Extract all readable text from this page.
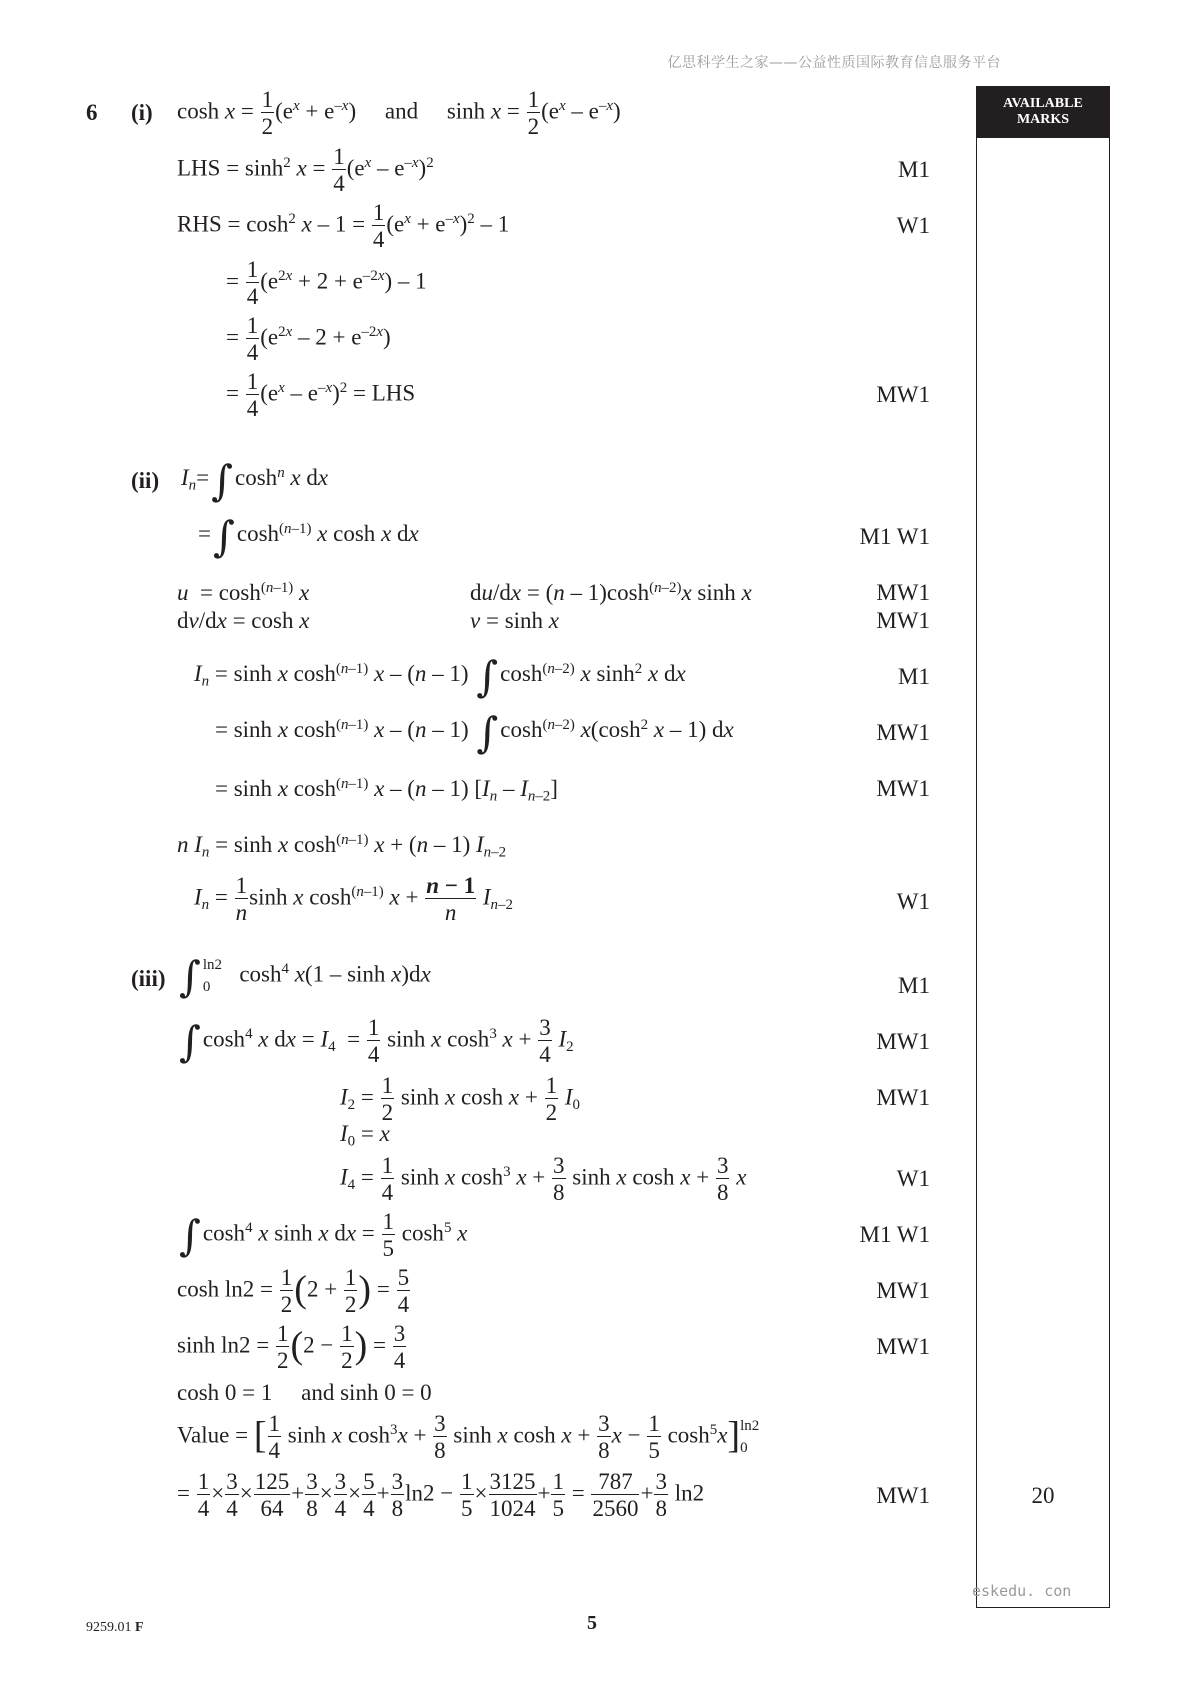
亿思科学生之家——公益性质国际教育信息服务平台
AVAILABLE
MARKS
6 (i) $\cosh x = \frac{1}{2} (e^x + e^{-x})$     and     $\sinh x = \frac{1}{2} (e^x - e^{-x})$
LHS = $\sinh^2 x = \frac{1}{4} (e^x - e^{-x})^2$	M1
RHS = $\cosh^2 x - 1 = \frac{1}{4} (e^x + e^{-x})^2 - 1$	W1
= $\frac{1}{4} (e^{2x} + 2 + e^{-2x}) - 1$
= $\frac{1}{4} (e^{2x} - 2 + e^{-2x})$
= $\frac{1}{4} (e^x - e^{-x})^2$ = LHS	MW1
(ii) $I_n=\int\cosh^n$ x dx
$=\int\cosh^{(n-1)}$ x cosh x dx	M1 W1
$u = \cosh^{(n-1)} x$	$du/dx = (n - 1)\cosh^{(n-2)}x$ sinh x	MW1
dv/dx = cosh x	v = sinh x	MW1
$I_n = \sinh x$ $\cosh^{(n-1)} x - (n - 1)$ $\int\cosh^{(n-2)}$ x $\sinh^2 x$ dx	M1
= sinh x $\cosh^{(n-1)} x - (n - 1)$ $\int\cosh^{(n-2)}$ $x(\cosh^2$ x – 1) dx	MW1
= sinh x $\cosh^{(n-1)} x - (n - 1)$ $[I_n - I_{n-2}]$	MW1
n $I_n = \sinh x$ $\cosh^{(n-1)} x + (n - 1)$ $I_{n-2}$
$I_n = \frac{1}{n}$ sinh x $\cosh^{(n-1)} x + \frac{n - 1}{n} I_{n-2}$	W1
(iii) ∫ ln2
0
$\cosh^4 x(1$ – sinh x)dx	M1
$\int\cosh^4$ x dx = $I_4 = \frac{1}{4}$ sinh x $\cosh^3 x + \frac{3}{4} I_2$	MW1
$I_2 = \frac{1}{2}$ sinh x $\cosh x + \frac{1}{2} I_0$	MW1
$I_0 = x$
$I_4 = \frac{1}{4}$ sinh x $\cosh^3 x + \frac{3}{8}$ sinh x $\cosh x + \frac{3}{8}$ x	W1
$\int\cosh^4$ x sinh x dx = $\frac{1}{5} \cosh^5 x$	M1 W1
$\cosh \ln 2 = \frac{1}{2} (2 + \frac{1}{2}$ ) = $\frac{5}{4}$	MW1
$\sinh \ln 2 = \frac{1}{2} (2 - \frac{1}{2}$ ) = $\frac{3}{4}$	MW1
cosh 0 = 1 and sinh 0 = 0
Value = [ $\frac{1}{4}$ sinh x $\cosh^3x + \frac{3}{8}$ sinh x $\cosh x + \frac{3}{8}$ $x - \frac{1}{5} \cosh^5x$] ln2
0
= $\frac{1}{4} \times \frac{3}{4} \times \frac{125}{64} + \frac{3}{8} \times \frac{3}{4} \times \frac{5}{4} + \frac{3}{8} \ln 2 - \frac{1}{5} \times \frac{3125}{1024} + \frac{1}{5} = \frac{787}{2560} + \frac{3}{8} \ln 2$	MW1	20
eskedu. con
9259.01 F	5
